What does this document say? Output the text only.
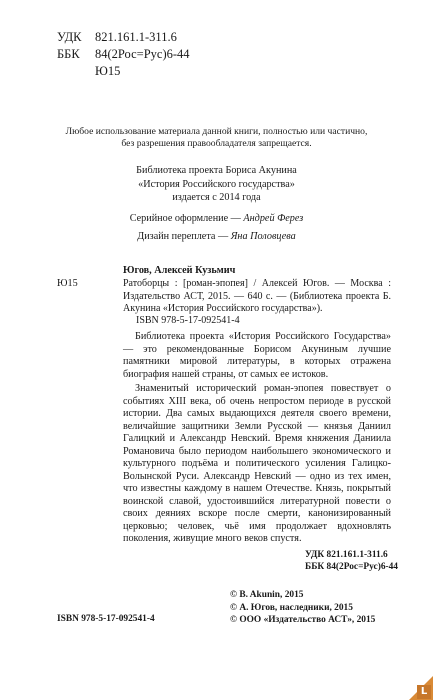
УДК 821.161.1-311.6
ББК 84(2Рос=Рус)6-44
Ю15
Любое использование материала данной книги, полностью или частично,
без разрешения правообладателя запрещается.
Библиотека проекта Бориса Акунина
«История Российского государства»
издается с 2014 года
Серийное оформление — Андрей Ферез
Дизайн переплета — Яна Половцева
Югов, Алексей Кузьмич
Ю15	Ратоборцы : [роман-эпопея] / Алексей Югов. — Москва : Издательство АСТ, 2015. — 640 с. — (Библиотека проекта Б. Акунина «История Российского государства»).
ISBN 978-5-17-092541-4

Библиотека проекта «История Российского Государства» — это рекомендованные Борисом Акуниным лучшие памятники мировой литературы, в которых отражена биография нашей страны, от самых ее истоков.

Знаменитый исторический роман-эпопея повествует о событиях XIII века, об очень непростом периоде в русской истории. Два самых выдающихся деятеля своего времени, величайшие защитники Земли Русской — князья Даниил Галицкий и Александр Невский. Время княжения Даниила Романовича было периодом наибольшего экономического и культурного подъёма и политического усиления Галицко-Волынской Руси. Александр Невский — одно из тех имен, что известны каждому в нашем Отечестве. Князь, покрытый воинской славой, удостоившийся литературной повести о своих деяниях вскоре после смерти, канонизированный церковью; человек, чьё имя продолжает вдохновлять поколения, живущие много веков спустя.

УДК 821.161.1-311.6
ББК 84(2Рос=Рус)6-44
© B. Akunin, 2015
© А. Югов, наследники, 2015
© ООО «Издательство АСТ», 2015
ISBN 978-5-17-092541-4
L
